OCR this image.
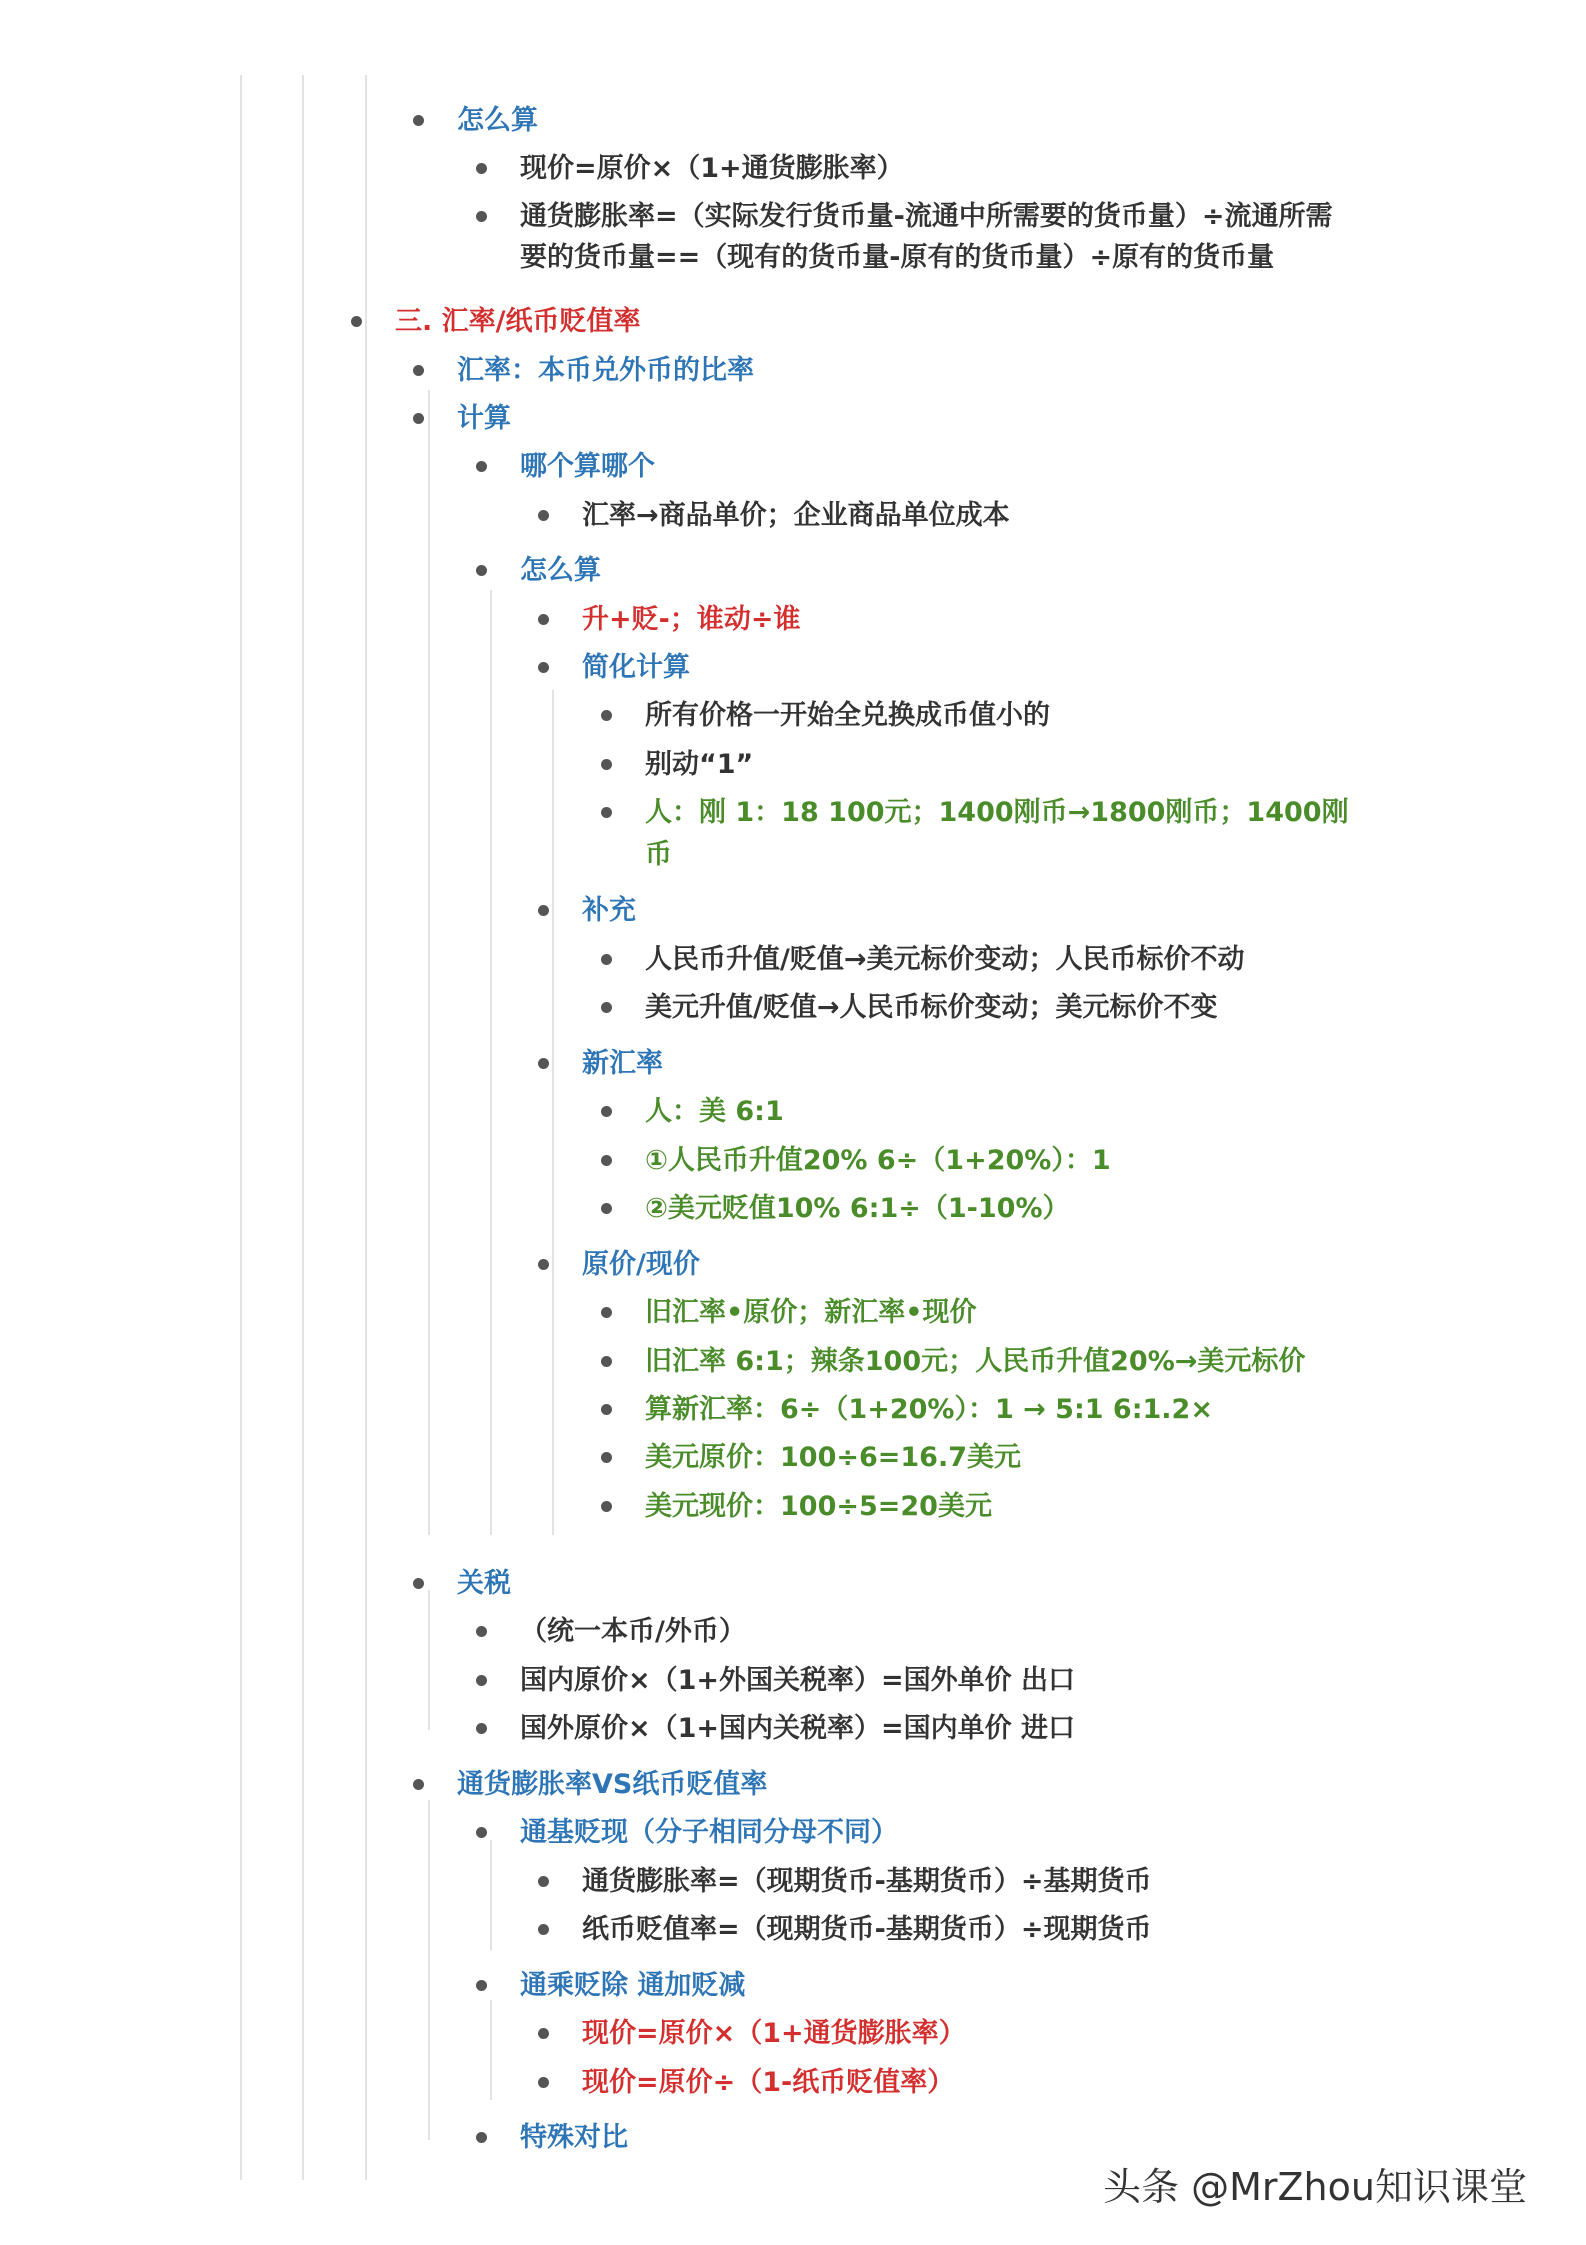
怎么算
现价=原价×（1+通货膨胀率）
通货膨胀率=（实际发行货币量-流通中所需要的货币量）÷流通所需
要的货币量==（现有的货币量-原有的货币量）÷原有的货币量
三. 汇率/纸币贬值率
汇率：本币兑外币的比率
计算
哪个算哪个
汇率→商品单价；企业商品单位成本
怎么算
升+贬-；谁动÷谁
简化计算
所有价格一开始全兑换成币值小的
别动“1”
人：刚 1：18 100元；1400刚币→1800刚币；1400刚
币
补充
人民币升值/贬值→美元标价变动；人民币标价不动
美元升值/贬值→人民币标价变动；美元标价不变
新汇率
人：美 6:1
①人民币升值20% 6÷（1+20%）：1
②美元贬值10% 6:1÷（1-10%）
原价/现价
旧汇率•原价；新汇率•现价
旧汇率 6:1；辣条100元；人民币升值20%→美元标价
算新汇率：6÷（1+20%）：1 → 5:1 6:1.2×
美元原价：100÷6=16.7美元
美元现价：100÷5=20美元
关税
（统一本币/外币）
国内原价×（1+外国关税率）=国外单价 出口
国外原价×（1+国内关税率）=国内单价 进口
通货膨胀率VS纸币贬值率
通基贬现（分子相同分母不同）
通货膨胀率=（现期货币-基期货币）÷基期货币
纸币贬值率=（现期货币-基期货币）÷现期货币
通乘贬除 通加贬减
现价=原价×（1+通货膨胀率）
现价=原价÷（1-纸币贬值率）
特殊对比
头条 @MrZhou知识课堂
